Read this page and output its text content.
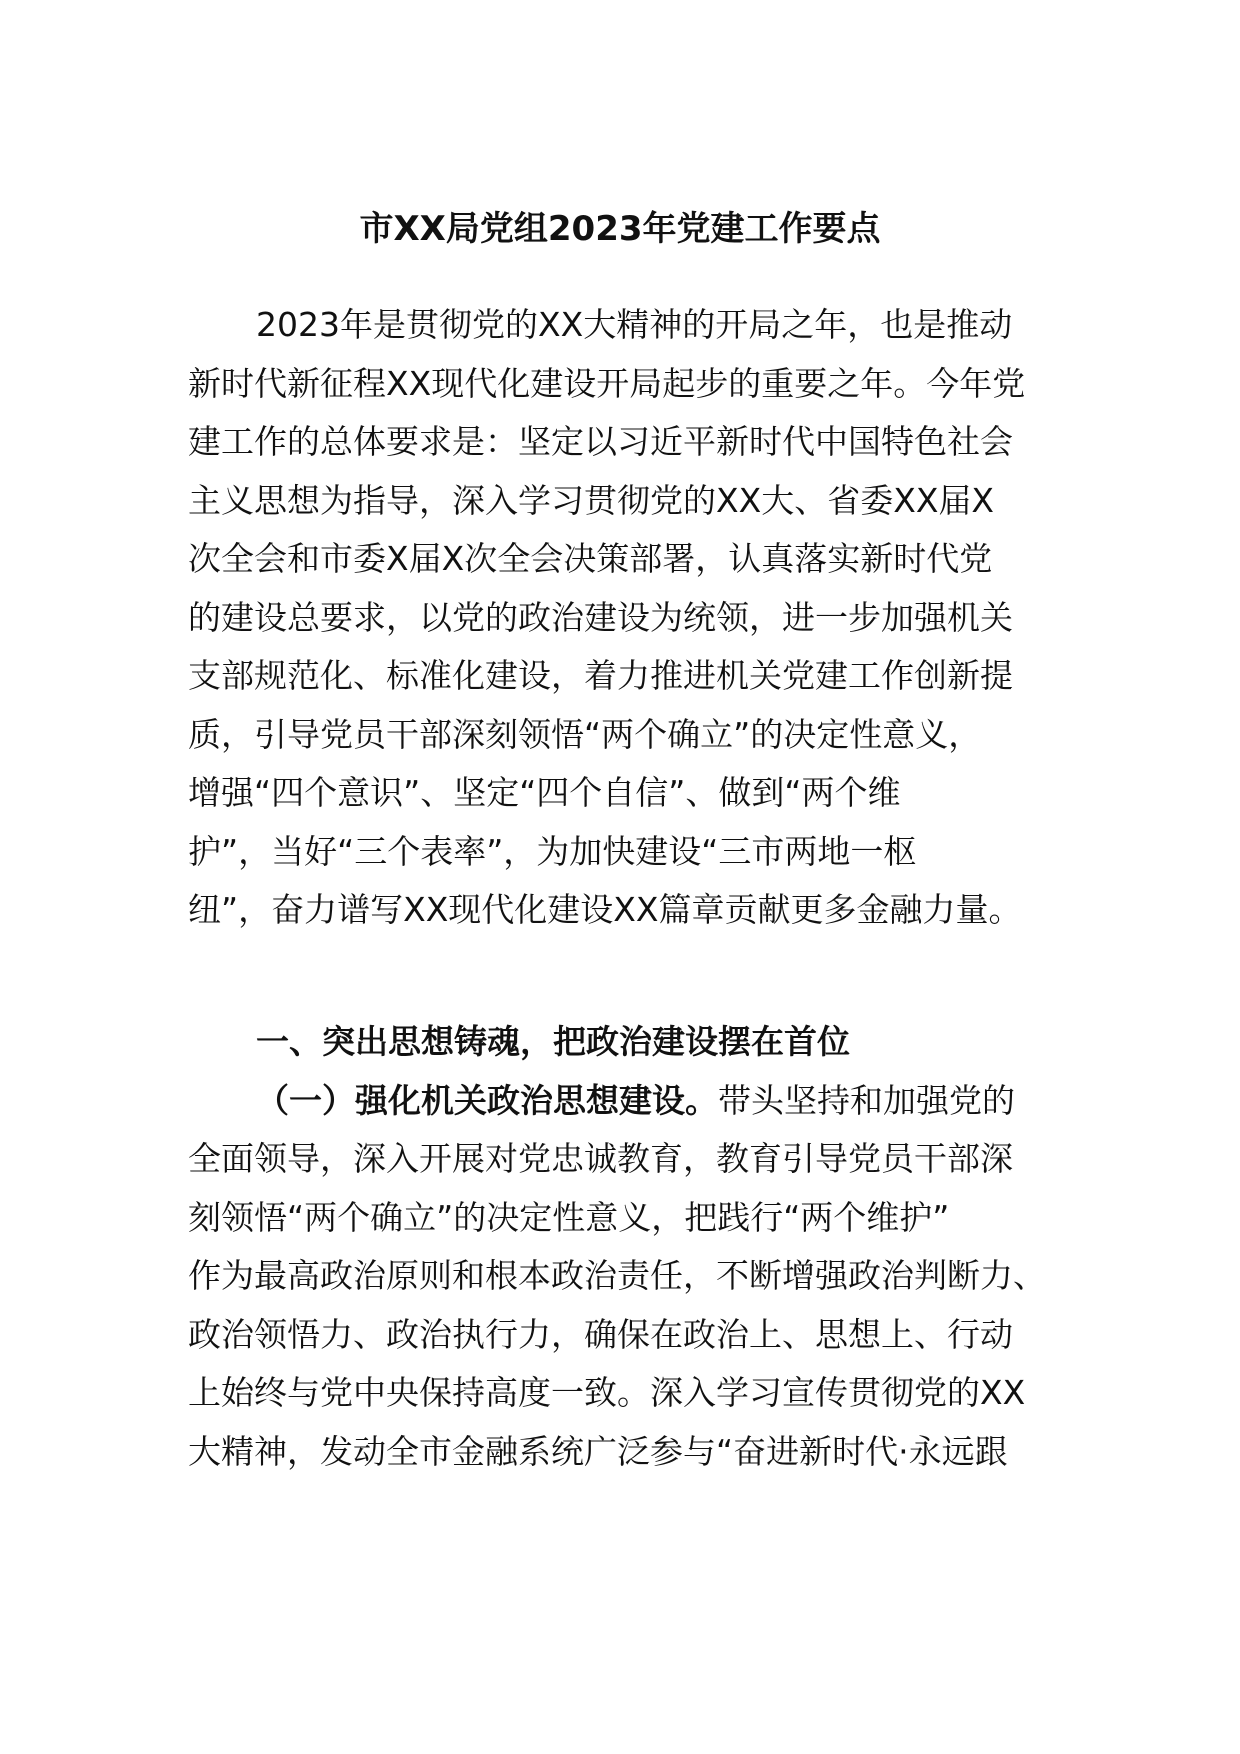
市XX局党组2023年党建工作要点
2023年是贯彻党的XX大精神的开局之年，也是推动
新时代新征程XX现代化建设开局起步的重要之年。今年党
建工作的总体要求是：坚定以习近平新时代中国特色社会
主义思想为指导，深入学习贯彻党的XX大、省委XX届X
次全会和市委X届X次全会决策部署，认真落实新时代党
的建设总要求，以党的政治建设为统领，进一步加强机关
支部规范化、标准化建设，着力推进机关党建工作创新提
质，引导党员干部深刻领悟“两个确立”的决定性意义，
增强“四个意识”、坚定“四个自信”、做到“两个维
护”，当好“三个表率”，为加快建设“三市两地一枢
纽”，奋力谱写XX现代化建设XX篇章贡献更多金融力量。
一、突出思想铸魂，把政治建设摆在首位
（一）强化机关政治思想建设。带头坚持和加强党的
全面领导，深入开展对党忠诚教育，教育引导党员干部深
刻领悟“两个确立”的决定性意义，把践行“两个维护”
作为最高政治原则和根本政治责任，不断增强政治判断力、
政治领悟力、政治执行力，确保在政治上、思想上、行动
上始终与党中央保持高度一致。深入学习宣传贯彻党的XX
大精神，发动全市金融系统广泛参与“奋进新时代·永远跟
